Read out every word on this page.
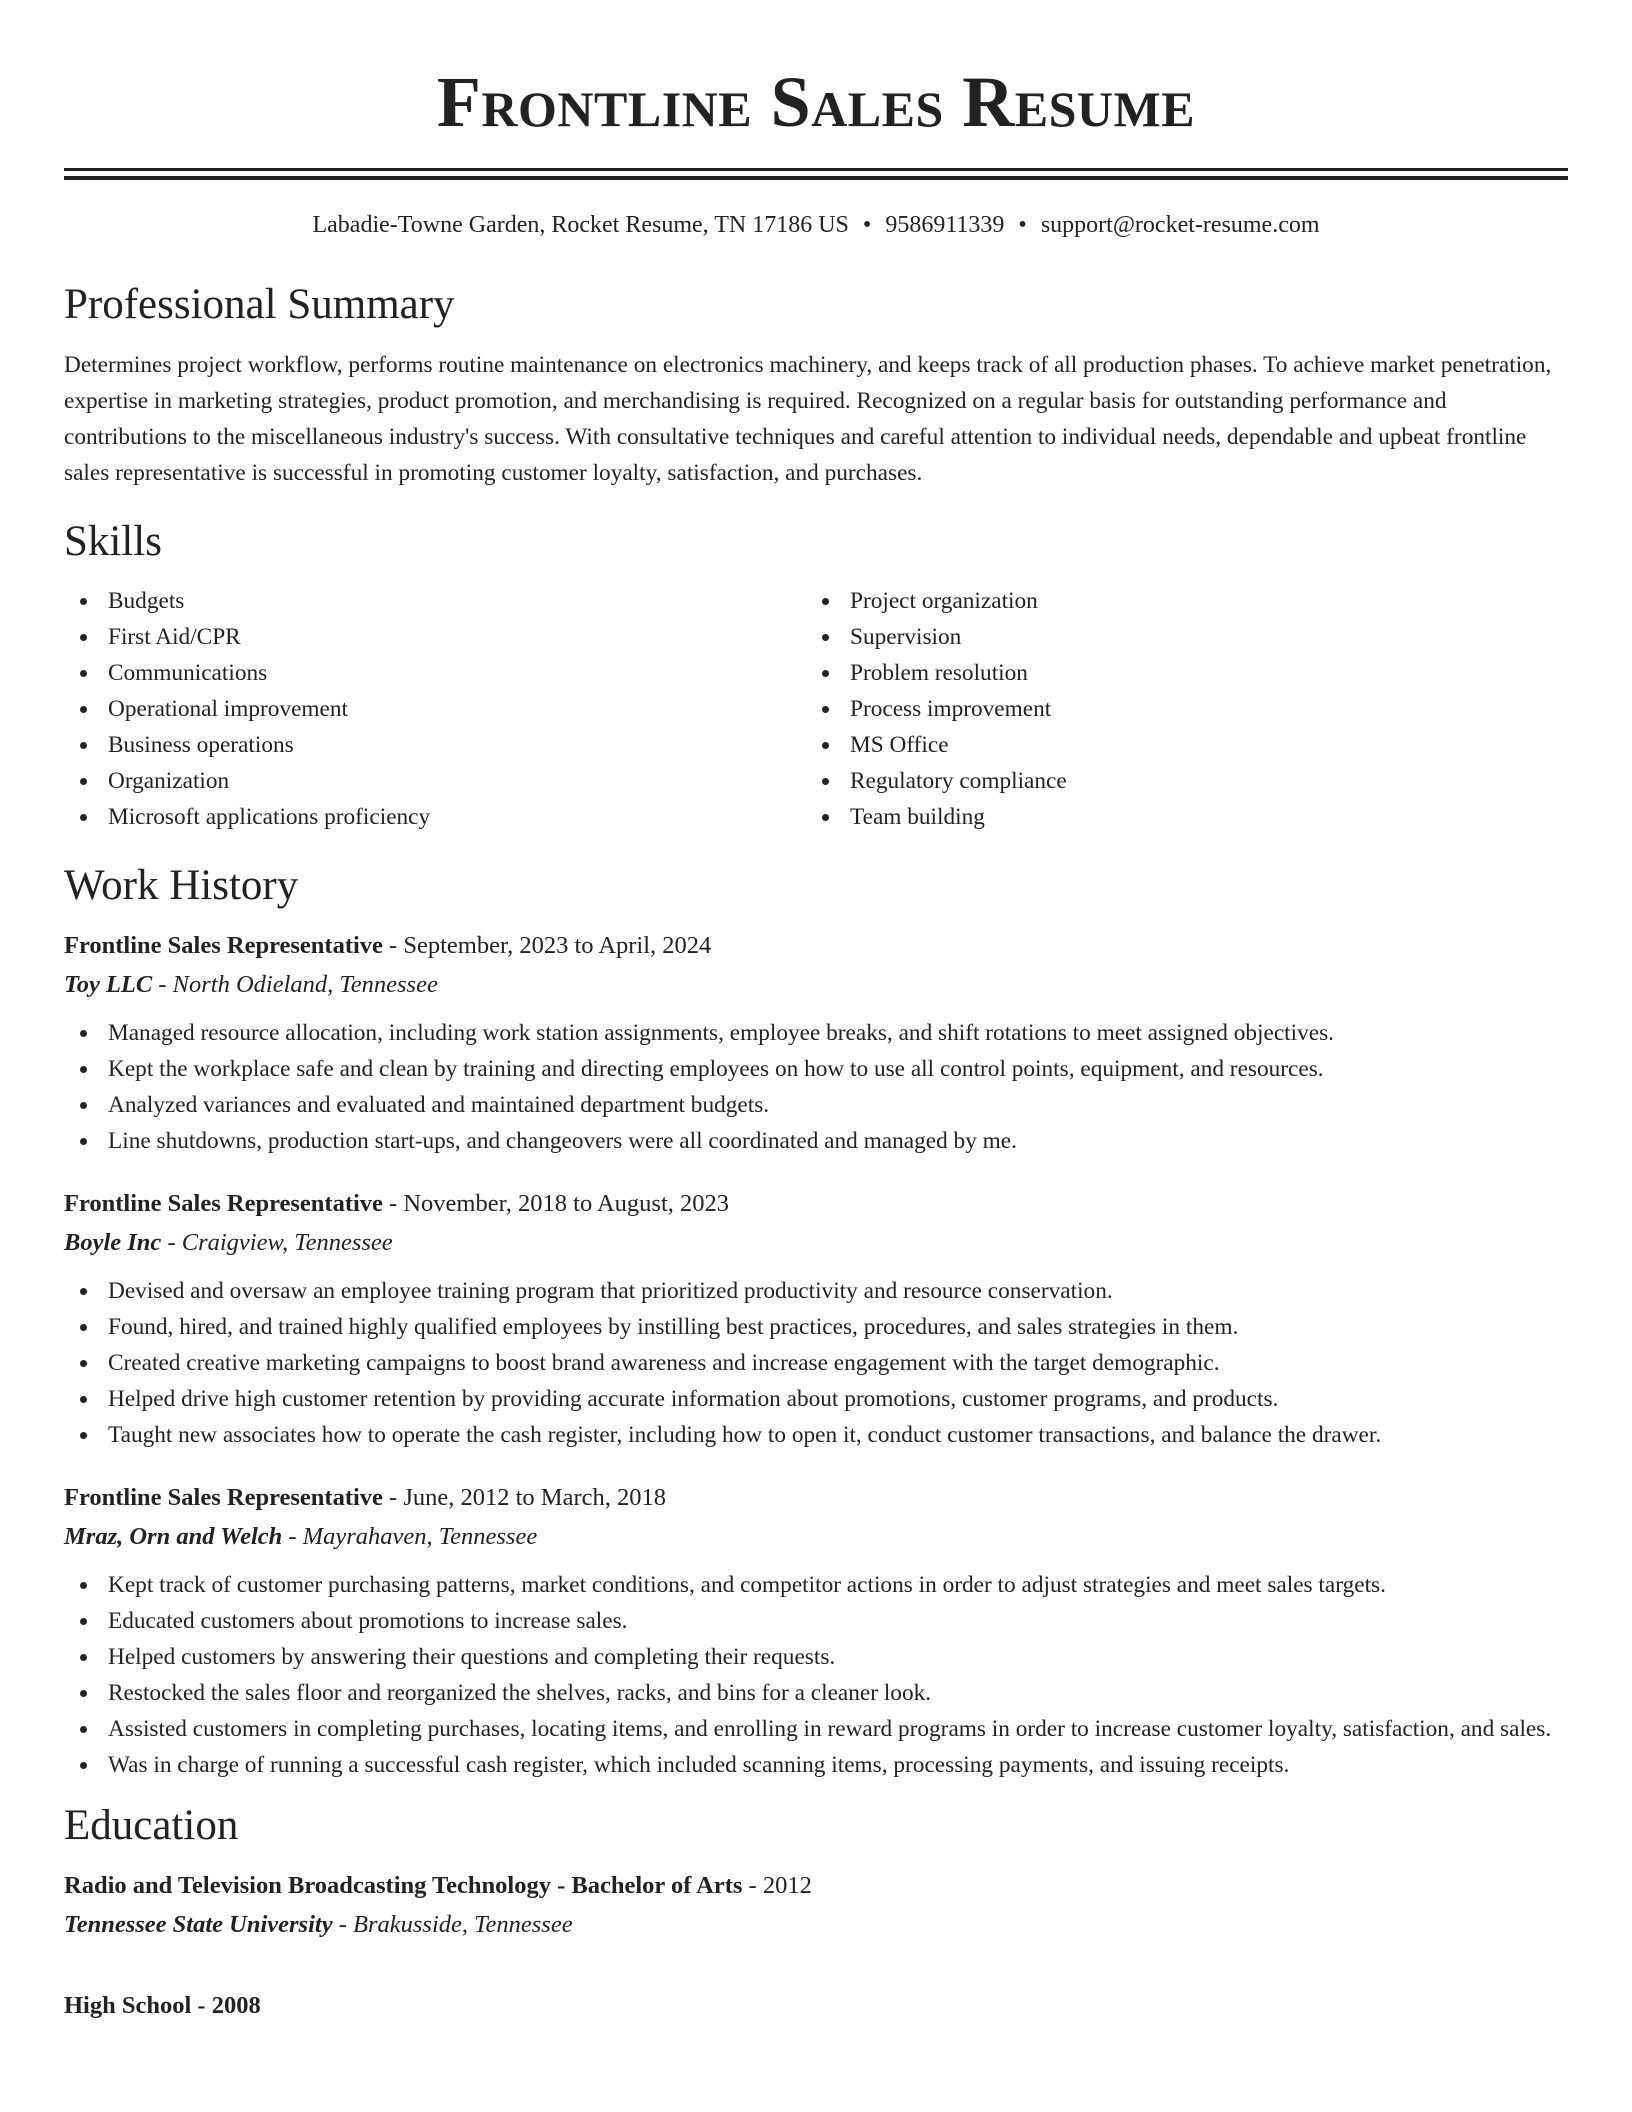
Frontline Sales Resume
Labadie-Towne Garden, Rocket Resume, TN 17186 US • 9586911339 • support@rocket-resume.com
Professional Summary
Determines project workflow, performs routine maintenance on electronics machinery, and keeps track of all production phases. To achieve market penetration, expertise in marketing strategies, product promotion, and merchandising is required. Recognized on a regular basis for outstanding performance and contributions to the miscellaneous industry's success. With consultative techniques and careful attention to individual needs, dependable and upbeat frontline sales representative is successful in promoting customer loyalty, satisfaction, and purchases.
Skills
Budgets
First Aid/CPR
Communications
Operational improvement
Business operations
Organization
Microsoft applications proficiency
Project organization
Supervision
Problem resolution
Process improvement
MS Office
Regulatory compliance
Team building
Work History
Frontline Sales Representative - September, 2023 to April, 2024
Toy LLC - North Odieland, Tennessee
Managed resource allocation, including work station assignments, employee breaks, and shift rotations to meet assigned objectives.
Kept the workplace safe and clean by training and directing employees on how to use all control points, equipment, and resources.
Analyzed variances and evaluated and maintained department budgets.
Line shutdowns, production start-ups, and changeovers were all coordinated and managed by me.
Frontline Sales Representative - November, 2018 to August, 2023
Boyle Inc - Craigview, Tennessee
Devised and oversaw an employee training program that prioritized productivity and resource conservation.
Found, hired, and trained highly qualified employees by instilling best practices, procedures, and sales strategies in them.
Created creative marketing campaigns to boost brand awareness and increase engagement with the target demographic.
Helped drive high customer retention by providing accurate information about promotions, customer programs, and products.
Taught new associates how to operate the cash register, including how to open it, conduct customer transactions, and balance the drawer.
Frontline Sales Representative - June, 2012 to March, 2018
Mraz, Orn and Welch - Mayrahaven, Tennessee
Kept track of customer purchasing patterns, market conditions, and competitor actions in order to adjust strategies and meet sales targets.
Educated customers about promotions to increase sales.
Helped customers by answering their questions and completing their requests.
Restocked the sales floor and reorganized the shelves, racks, and bins for a cleaner look.
Assisted customers in completing purchases, locating items, and enrolling in reward programs in order to increase customer loyalty, satisfaction, and sales.
Was in charge of running a successful cash register, which included scanning items, processing payments, and issuing receipts.
Education
Radio and Television Broadcasting Technology - Bachelor of Arts - 2012
Tennessee State University - Brakusside, Tennessee
High School - 2008
